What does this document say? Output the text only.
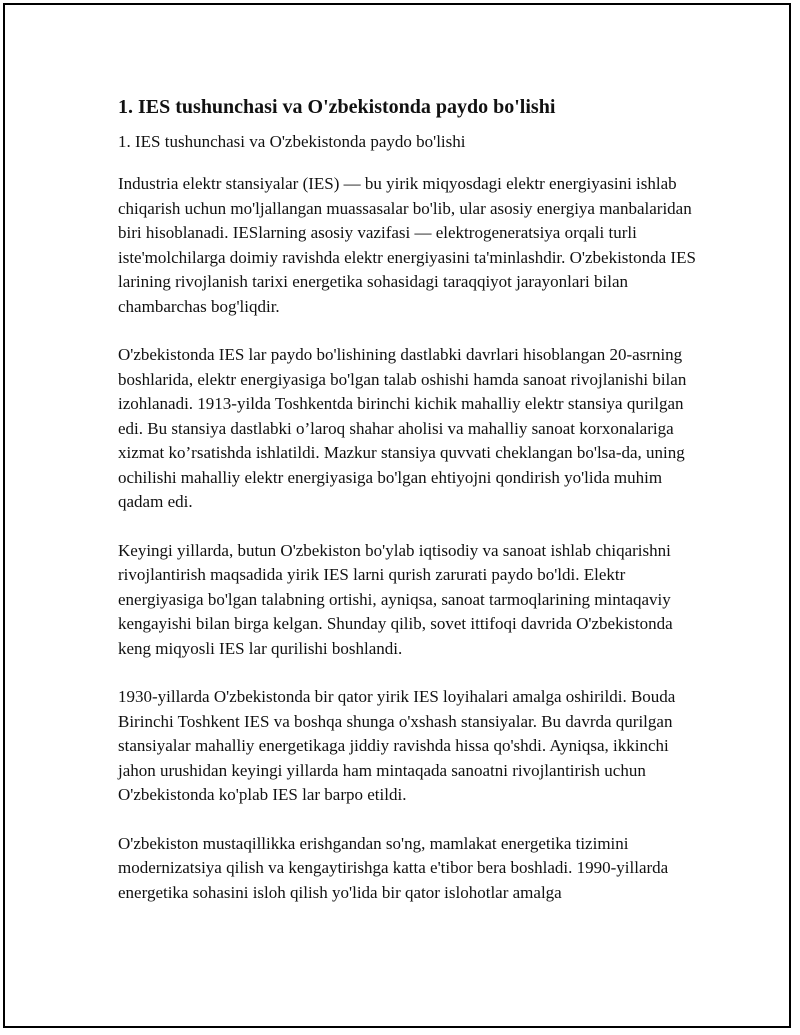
1. IES tushunchasi va O'zbekistonda paydo bo'lishi

1. IES tushunchasi va O'zbekistonda paydo bo'lishi

Industria elektr stansiyalar (IES) — bu yirik miqyosdagi elektr energiyasini ishlab chiqarish uchun mo'ljallangan muassasalar bo'lib, ular asosiy energiya manbalaridan biri hisoblanadi. IESlarning asosiy vazifasi — elektrogeneratsiya orqali turli iste'molchilarga doimiy ravishda elektr energiyasini ta'minlashdir. O'zbekistonda IES larining rivojlanish tarixi energetika sohasidagi taraqqiyot jarayonlari bilan chambarchas bog'liqdir.

O'zbekistonda IES lar paydo bo'lishining dastlabki davrlari hisoblangan 20-asrning boshlarida, elektr energiyasiga bo'lgan talab oshishi hamda sanoat rivojlanishi bilan izohlanadi. 1913-yilda Toshkentda birinchi kichik mahalliy elektr stansiya qurilgan edi. Bu stansiya dastlabki o’laroq shahar aholisi va mahalliy sanoat korxonalariga xizmat ko’rsatishda ishlatildi. Mazkur stansiya quvvati cheklangan bo'lsa-da, uning ochilishi mahalliy elektr energiyasiga bo'lgan ehtiyojni qondirish yo'lida muhim qadam edi.

Keyingi yillarda, butun O'zbekiston bo'ylab iqtisodiy va sanoat ishlab chiqarishni rivojlantirish maqsadida yirik IES larni qurish zarurati paydo bo'ldi. Elektr energiyasiga bo'lgan talabning ortishi, ayniqsa, sanoat tarmoqlarining mintaqaviy kengayishi bilan birga kelgan. Shunday qilib, sovet ittifoqi davrida O'zbekistonda keng miqyosli IES lar qurilishi boshlandi.

1930-yillarda O'zbekistonda bir qator yirik IES loyihalari amalga oshirildi. Bouda Birinchi Toshkent IES va boshqa shunga o'xshash stansiyalar. Bu davrda qurilgan stansiyalar mahalliy energetikaga jiddiy ravishda hissa qo'shdi. Ayniqsa, ikkinchi jahon urushidan keyingi yillarda ham mintaqada sanoatni rivojlantirish uchun O'zbekistonda ko'plab IES lar barpo etildi.

O'zbekiston mustaqillikka erishgandan so'ng, mamlakat energetika tizimini modernizatsiya qilish va kengaytirishga katta e'tibor bera boshladi. 1990-yillarda energetika sohasini isloh qilish yo'lida bir qator islohotlar amalga
